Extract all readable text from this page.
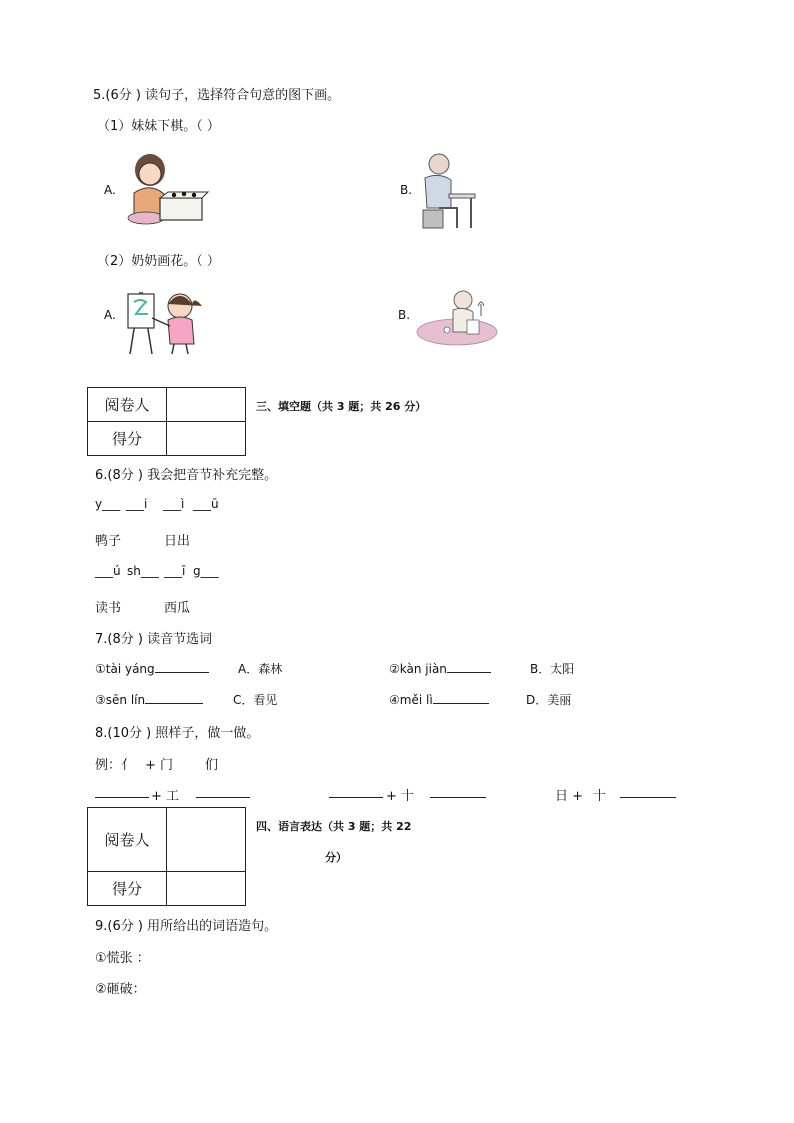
5.(6分 ) 读句子，选择符合句意的图下画。
（1）妹妹下棋。（ ）
A.	B.
（2）奶奶画花。（ ）
A.	B.
阅卷人	
得分	
三、填空题（共 3 题；共 26 分）
6.(8分 ) 我会把音节补充完整。
y___ ___i ___ì ___ū
鸭子	日出
___ú sh___ ___ī g___
读书	西瓜
7.(8分 ) 读音节选词
①tài yáng	A．森林	②kàn jiàn	B．太阳
③sēn lín	C．看见	④měi lì	D．美丽
8.(10分 ) 照样子，做一做。
例：亻 + 门 们
+ 工	+ 十	日 + 十
阅卷人	
得分	
四、语言表达（共 3 题；共 22
分）
9.(6分 ) 用所给出的词语造句。
①慌张 ：
②砸破：
